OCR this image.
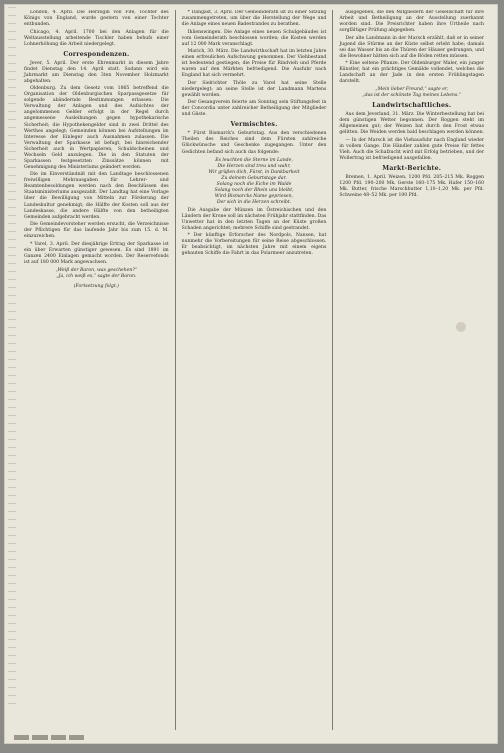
London, 4. April. Die Herzogin von Fife, Tochter des Königs von England, wurde gestern von einer Tochter entbunden.

Chicago, 4. April. 1700 bei den Anlagen für die Weltausstellung arbeitende Tischler haben behufs einer Lohnerhöhung die Arbeit niedergelegt.

Correspondenzen.

Jever, 5. April. Der erste Ehrenmarkt in diesem Jahre findet Dienstag den 14. April statt. Sodann wird ein Jahrmarkt am Dienstag den 3ten November Holzmarkt abgehalten.

Oldenburg. Zu dem Gesetz vom 1865 betreffend die Organisation der Oldenburgischen Sparpassgesetze für solgende abändernde Bestimmungen erlassen: Die Verwaltung der Anlagen und des Aufsichtes der angelommenen Gelder erfolgt in der Regel durch angemessene Ausleihungen gegen hypothekarische Sicherheit; die Hypothekengelder sind in zwei Drittel des Werthes angelegt; Gemeinden können bei Aufstellungen im Interesse der Einleger auch Ausnahmen zulassen. Die Verwaltung der Sparkasse ist befugt, bei hinreichender Sicherheit auch in Wertpapieren, Schuldscheinen und Wechseln Geld anzulegen. Die in den Statuten der Sparkassen festgesetzten Zinssätze können mit Genehmigung des Ministeriums geändert werden.

Die im Einverständniß mit den Landtage beschlossenen freiwilligen Mehrausgaben für Lehrer- und Beamtenbesoldungen werden nach den Beschlüssen des Staatsministeriums ausgezahlt. Der Landtag hat eine Vorlage über die Bewilligung von Mitteln zur Förderung der Landeskultur genehmigt; die Hälfte der Kosten soll aus der Landeskasse, die andere Hälfte von den betheiligten Gemeinden aufgebracht werden.

Die Gemeindevorsteher werden ersucht, die Verzeichnisse der Pflichtigen für das laufende Jahr bis zum 15. d. M. einzureichen.

* Varel, 3. April. Der diesjährige Ertrag der Sparkasse ist ein über Erwarten günstiger gewesen. Es sind 1891 im Ganzen 2400 Einlagen gemacht worden. Der Reservefonds ist auf 180 000 Mark angewachsen.

„Weiß der Baron, was geschehen?“
„Ja, ich weiß es,“ sagte der Baron.
(Fortsetzung folgt.)

* Dangast, 3. April. Der Gemeinderath ist zu einer Sitzung zusammengetreten, um über die Herstellung der Wege und die Anlage eines neuen Badestrandes zu berathen.

Ihlienswingen. Die Anlage eines neuen Schulgebäudes ist vom Gemeinderath beschlossen worden; die Kosten werden auf 12 000 Mark veranschlagt.

Marich, 30. März. Die Landwirthschaft hat im letzten Jahre einen erfreulichen Aufschwung genommen. Der Viehbestand ist bedeutend gestiegen; die Preise für Rindvieh und Pferde waren auf den Märkten befriedigend. Die Ausfuhr nach England hat sich vermehrt.

Der Sielrichter Thöle zu Varel hat seine Stelle niedergelegt; an seine Stelle ist der Landmann Martens gewählt worden.

Der Gesangverein feierte am Sonntag sein Stiftungsfest in der Concordia unter zahlreicher Betheiligung der Mitglieder und Gäste.

Vermischtes.

* Fürst Bismarck's Geburtstag. Aus den verschiedenen Theilen des Reiches sind dem Fürsten zahlreiche Glückwünsche und Geschenke zugegangen. Unter den Gedichten befand sich auch das folgende:

Es leuchten die Sterne im Lande,
Die Herzen sind treu und wahr,
Wir grüßen dich, Fürst, in Dankbarkeit
Zu deinem Geburtstage dar.
Solang noch die Eiche im Walde
Solang noch der Rhein uns bleibt,
Wird Bismarcks Name gepriesen,
Der sich in die Herzen schreibt.

Die Ausgabe der Münzen im Östreichischen und den Ländern der Krone soll im nächsten Frühjahr stattfinden. Das Unwetter hat in den letzten Tagen an der Küste großen Schaden angerichtet; mehrere Schiffe sind gestrandet.

* Der künftige Erforscher des Nordpols, Nansen, hat nunmehr die Vorbereitungen für seine Reise abgeschlossen. Er beabsichtigt, im nächsten Jahre mit einem eigens gebauten Schiffe die Fahrt in das Polarmeer anzutreten.

ausgegeben, die den Mitgliedern der Gesellschaft für ihre Arbeit und Betheiligung an der Ausstellung zuerkannt worden sind. Die Preisrichter haben ihre Urtheile nach sorgfältiger Prüfung abgegeben.

Der alte Landmann in der Marsch erzählt, daß er in seiner Jugend die Stürme an der Küste selbst erlebt habe; damals sei das Wasser bis an die Thüren der Häuser gedrungen, und die Bewohner hätten sich auf die Böden retten müssen.

* Eine seltene Pflanze. Der Oldenburger Maler, ein junger Künstler, hat ein prächtiges Gemälde vollendet, welches die Landschaft an der Jade in den ersten Frühlingstagen darstellt.

„Mein lieber Freund,“ sagte er,
„das ist der schönste Tag meines Lebens.“
Landwirtschaftliches.

Aus dem Jeverland, 31. März. Die Winterbestellung hat bei dem günstigen Wetter begonnen. Der Roggen steht im Allgemeinen gut; der Weizen hat durch den Frost etwas gelitten. Die Weiden werden bald beschlagen werden können.

— In der Marsch ist die Viehausfuhr nach England wieder in vollem Gange. Die Händler zahlen gute Preise für fettes Vieh. Auch die Schafzucht wird mit Erfolg betrieben, und der Wollertrag ist befriedigend ausgefallen.

Markt-Berichte.

Bremen, 1. April. Weizen, 1200 Pfd. 205–215 Mk. Roggen 1200 Pfd. 190–200 Mk. Gerste 160–175 Mk. Hafer 150–160 Mk. Butter, frische Marschbutter 1,10–1,20 Mk. per Pfd. Schweine 48–52 Mk. per 100 Pfd.
